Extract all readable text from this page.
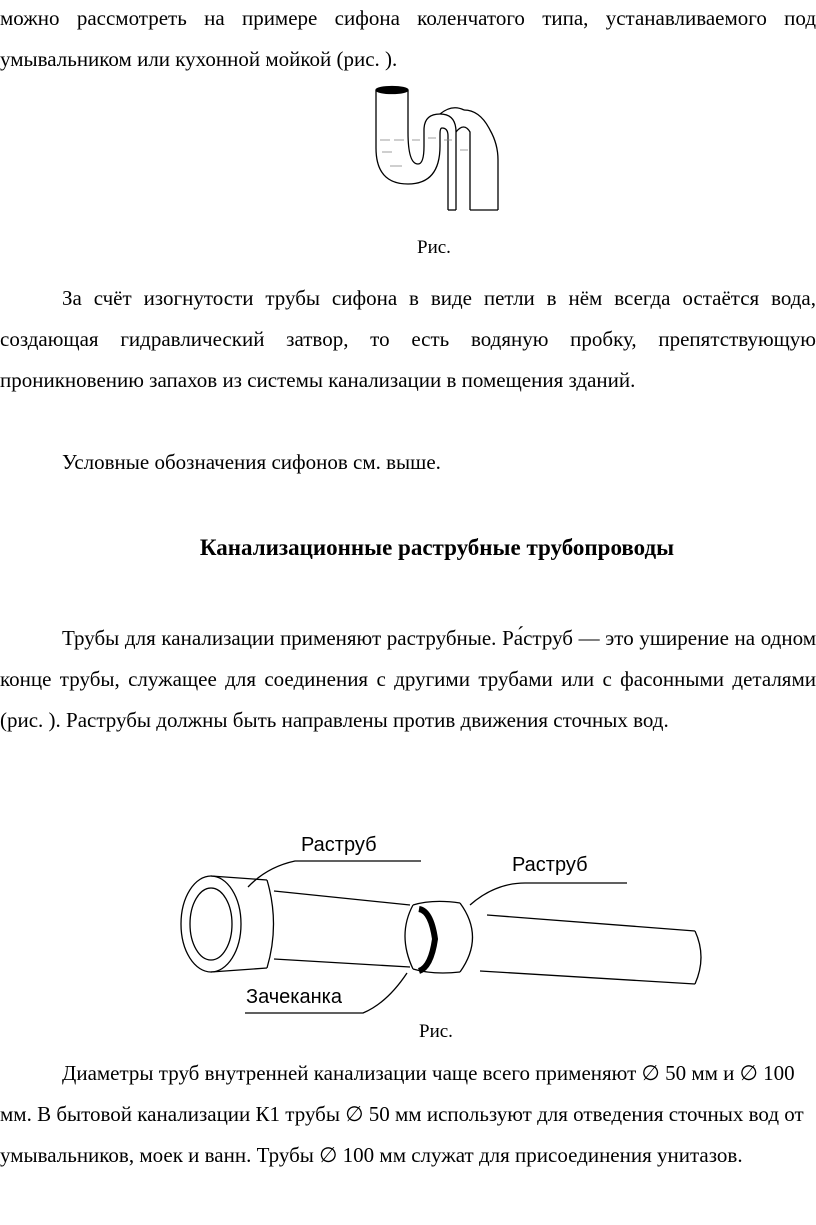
можно рассмотреть на примере сифона коленчатого типа, устанавливаемого под умывальником или кухонной мойкой (рис. ).

Рис.

За счёт изогнутости трубы сифона в виде петли в нём всегда остаётся вода, создающая гидравлический затвор, то есть водяную пробку, препятствующую проникновению запахов из системы канализации в помещения зданий.

Условные обозначения сифонов см. выше.

Канализационные раструбные трубопроводы

Трубы для канализации применяют раструбные. Ра́струб — это уширение на одном конце трубы, служащее для соединения с другими трубами или с фасонными деталями (рис. ). Раструбы должны быть направлены против движения сточных вод.

Раструб

Раструб

Зачеканка

Рис.

Диаметры труб внутренней канализации чаще всего применяют ∅ 50 мм и ∅ 100 мм. В бытовой канализации К1 трубы ∅ 50 мм используют для отведения сточных вод от умывальников, моек и ванн. Трубы ∅ 100 мм служат для присоединения унитазов.
